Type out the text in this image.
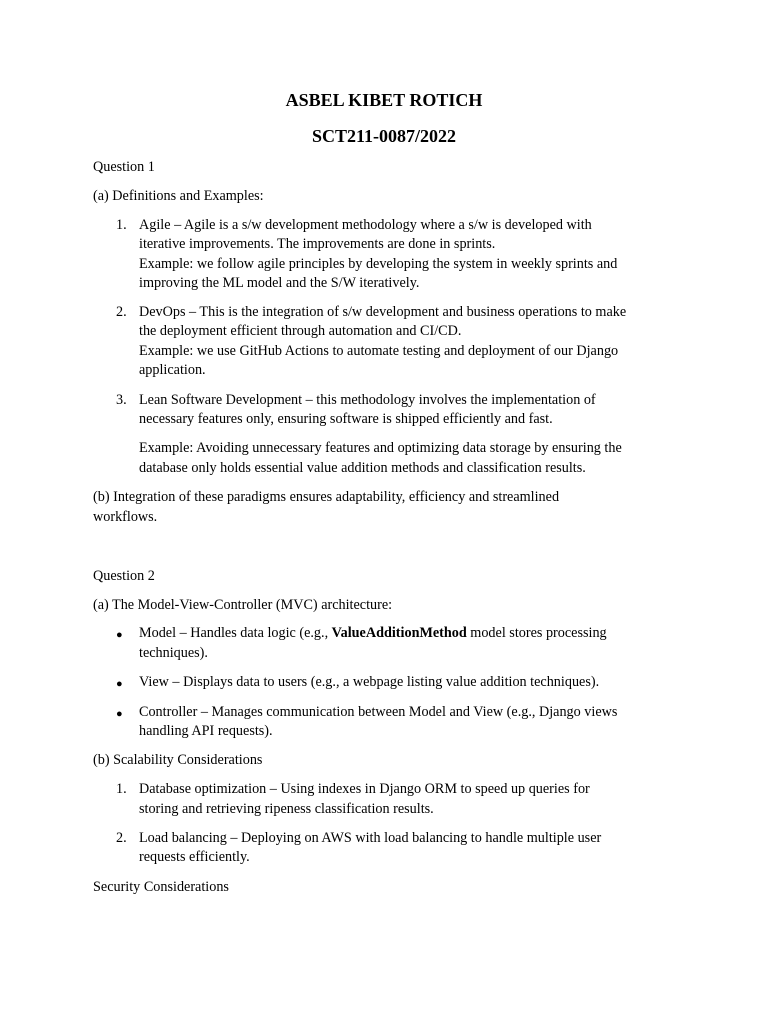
ASBEL KIBET ROTICH
SCT211-0087/2022
Question 1
(a) Definitions and Examples:
1. Agile – Agile is a s/w development methodology where a s/w is developed with
iterative improvements. The improvements are done in sprints.
Example: we follow agile principles by developing the system in weekly sprints and
improving the ML model and the S/W iteratively.
2. DevOps – This is the integration of s/w development and business operations to make
the deployment efficient through automation and CI/CD.
Example: we use GitHub Actions to automate testing and deployment of our Django
application.
3. Lean Software Development – this methodology involves the implementation of
necessary features only, ensuring software is shipped efficiently and fast.
Example: Avoiding unnecessary features and optimizing data storage by ensuring the
database only holds essential value addition methods and classification results.
(b) Integration of these paradigms ensures adaptability, efficiency and streamlined
workflows.
Question 2
(a) The Model-View-Controller (MVC) architecture:
● Model – Handles data logic (e.g., ValueAdditionMethod model stores processing
techniques).
● View – Displays data to users (e.g., a webpage listing value addition techniques).
● Controller – Manages communication between Model and View (e.g., Django views
handling API requests).
(b) Scalability Considerations
1. Database optimization – Using indexes in Django ORM to speed up queries for
storing and retrieving ripeness classification results.
2. Load balancing – Deploying on AWS with load balancing to handle multiple user
requests efficiently.
Security Considerations
